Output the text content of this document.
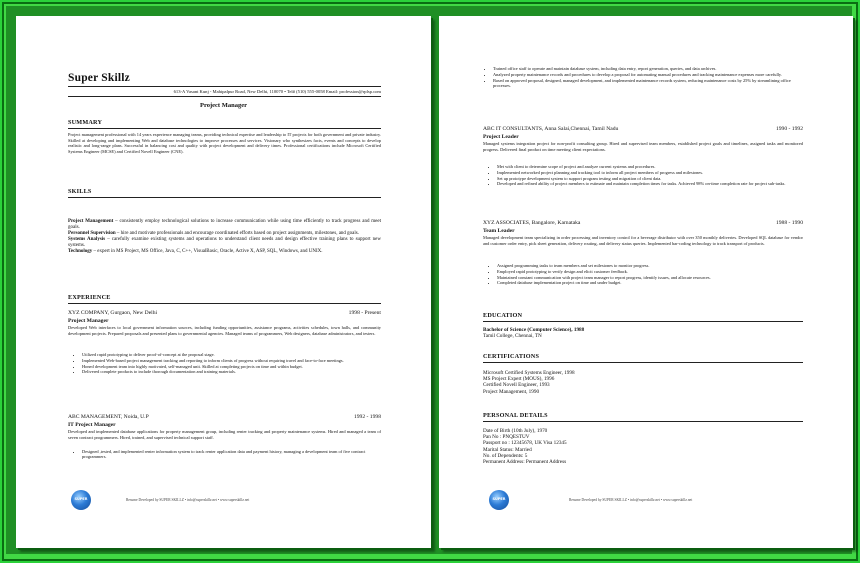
Super Skillz
613-A Vasant Kunj - Mahipalpur Road, New Delhi, 110070 • Tel# (510) 555-0058 Email: profession@rplsp.com
Project Manager
SUMMARY
Project management professional with 14 years experience managing teams, providing technical expertise and leadership to IT projects for both government and private industry. Skilled at developing and implementing Web and database technologies to improve processes and services. Visionary who synthesizes facts, events and concepts to develop realistic and long-range plans. Successful in balancing cost and quality with project development and delivery times. Professional certifications include Microsoft Certified Systems Engineer (MCSE) and Certified Novell Engineer (CNE).
SKILLS
Project Management – consistently employ technological solutions to increase communication while using time efficiently to track progress and meet goals.
Personnel Supervision – hire and motivate professionals and encourage coordinated efforts based on project assignments, milestones, and goals.
Systems Analysis – carefully examine existing systems and operations to understand client needs and design effective training plans to support new systems.
Technology – expert in MS Project, MS Office, Java, C, C++, VisualBasic, Oracle, Active X, ASP, SQL, Windows, and UNIX.
EXPERIENCE
XYZ COMPANY, Gurgaon, New Delhi	1998 - Present
Project Manager
Developed Web interfaces to local government information sources, including funding opportunities, assistance programs, activities schedules, town halls, and community development projects. Prepared proposals and presented plans to governmental agencies. Managed teams of programmers, Web designers, database administrators, and testers.
• Utilized rapid prototyping to deliver proof-of-concept at the proposal stage.
• Implemented Web-based project management tracking and reporting to inform clients of progress without requiring travel and face-to-face meetings.
• Honed development team into highly motivated, self-managed unit. Skilled at completing projects on time and within budget.
• Delivered complete products to include thorough documentation and training materials.
ABC MANAGEMENT, Noida, U.P	1992 - 1998
IT Project Manager
Developed and implemented database applications for property management group, including renter tracking and property maintenance systems. Hired and managed a team of seven contract programmers. Hired, trained, and supervised technical support staff.
• Designed ,tested, and implemented renter information system to track renter application data and payment history, managing a development team of five contract programmers.
SUPER	Resume Developed by SUPER SKILLZ • info@superskillz.net • www.superskillz.net
• Trained office staff to operate and maintain database system, including data entry, report generation, queries, and data archives.
• Analyzed property maintenance records and procedures to develop a proposal for automating manual procedures and tracking maintenance expenses more carefully.
• Based on approved proposal, designed, managed development, and implemented maintenance records system, reducing maintenance costs by 25% by streamlining office processes.
ABC IT CONSULTANTS, Anna Salai,Chennai, Tamil Nadu	1990 - 1992
Project Leader
Managed systems integration project for non-profit consulting group. Hired and supervised team members, established project goals and timelines, assigned tasks and monitored progress. Delivered final product on time meeting client expectations.
• Met with client to determine scope of project and analyze current systems and procedures.
• Implemented networked project planning and tracking tool to inform all project members of progress and milestones.
• Set up prototype development system to support program testing and migration of client data.
• Developed and refined ability of project members to estimate and maintain completion times for tasks. Achieved 98% on-time completion rate for project sub-tasks.
XYZ ASSOCIATES, Bangalore, Karnataka	1988 - 1990
Team Leader
Managed development team specializing in order processing and inventory control for a beverage distributor with over 350 monthly deliveries. Developed SQL database for vendor and customer order entry, pick sheet generation, delivery routing, and delivery status queries. Implemented bar-coding technology to track transport of products.
• Assigned programming tasks to team members and set milestones to monitor progress.
• Employed rapid prototyping to verify design and elicit customer feedback.
• Maintained constant communication with project team manager to report progress, identify issues, and allocate resources.
• Completed database implementation project on time and under budget.
EDUCATION
Bachelor of Science (Computer Science), 1988
Tamil College, Chennai, TN
CERTIFICATIONS
Microsoft Certified Systems Engineer, 1998
MS Project Expert (MOUS), 1996
Certified Novell Engineer, 1993
Project Management, 1990
PERSONAL DETAILS
Date of Birth (10th July), 1970
Pan No : PNQESTUV
Passport no : 12345678, UK Visa 12345
Marital Status: Married
No. of Dependents: 5
Permanent Address: Permanent Address
SUPER	Resume Developed by SUPER SKILLZ • info@superskillz.net • www.superskillz.net
